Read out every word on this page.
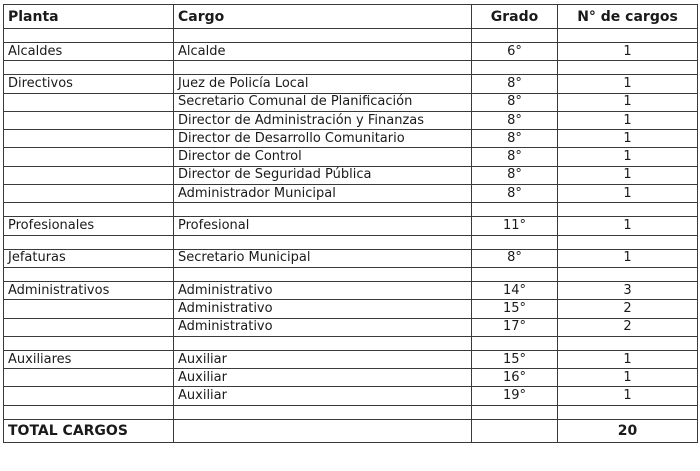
Planta	Cargo	Grado	N° de cargos

Alcaldes	Alcalde	6°	1

Directivos	Juez de Policía Local	8°	1
	Secretario Comunal de Planificación	8°	1
	Director de Administración y Finanzas	8°	1
	Director de Desarrollo Comunitario	8°	1
	Director de Control	8°	1
	Director de Seguridad Pública	8°	1
	Administrador Municipal	8°	1

Profesionales	Profesional	11°	1

Jefaturas	Secretario Municipal	8°	1

Administrativos	Administrativo	14°	3
	Administrativo	15°	2
	Administrativo	17°	2

Auxiliares	Auxiliar	15°	1
	Auxiliar	16°	1
	Auxiliar	19°	1

TOTAL CARGOS			20
